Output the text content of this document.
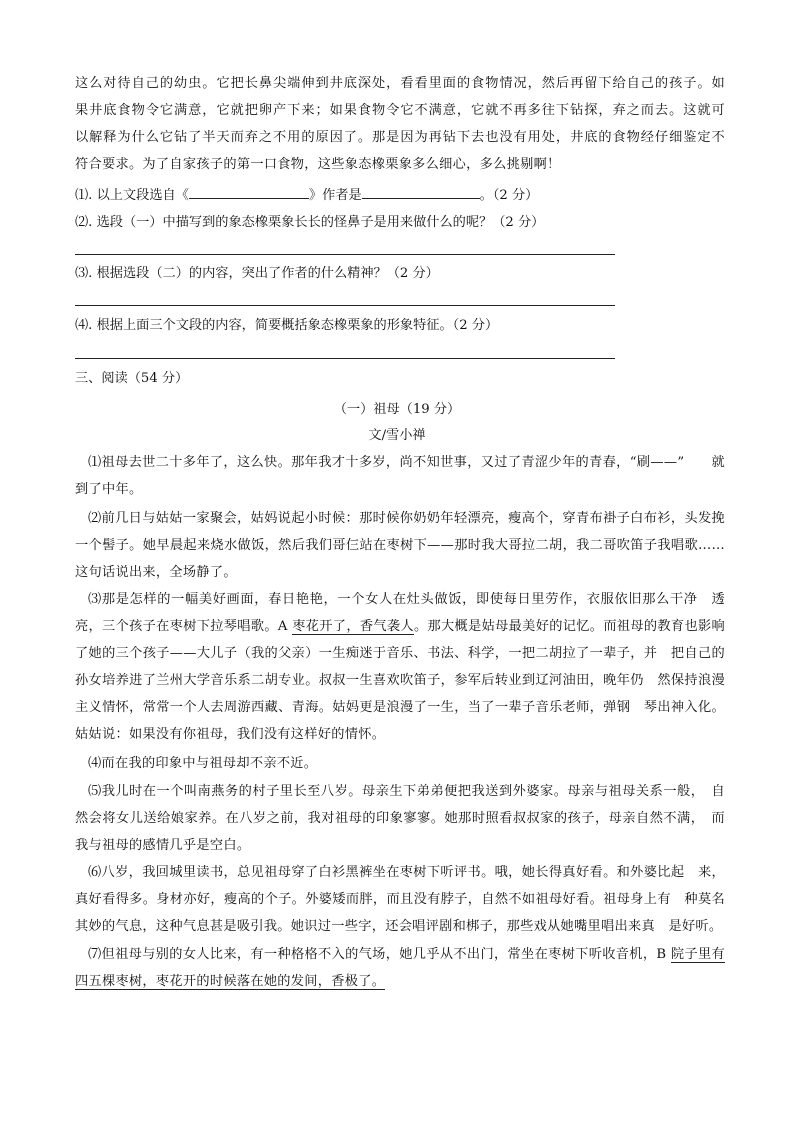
这么对待自己的幼虫。它把长鼻尖端伸到井底深处，看看里面的食物情况，然后再留下给自己的孩子。如　　果井底食物令它满意，它就把卵产下来；如果食物令它不满意，它就不再多往下钻探，弃之而去。这就可　　以解释为什么它钻了半天而弃之不用的原因了。那是因为再钻下去也没有用处，井底的食物经仔细鉴定不　　符合要求。为了自家孩子的第一口食物，这些象态橡栗象多么细心，多么挑剔啊！

⑴. 以上文段选自《	》作者是	。（2 分）
⑵. 选段（一）中描写到的象态橡栗象长长的怪鼻子是用来做什么的呢？（2 分）
⑶. 根据选段（二）的内容，突出了作者的什么精神？（2 分）
⑷. 根据上面三个文段的内容，简要概括象态橡栗象的形象特征。（2 分）
三、阅读（54 分）
（一）祖母（19 分）
文/雪小禅

⑴祖母去世二十多年了，这么快。那年我才十多岁，尚不知世事，又过了青涩少年的青春，“刷——”　　就到了中年。

⑵前几日与姑姑一家聚会，姑妈说起小时候：那时候你奶奶年轻漂亮，瘦高个，穿青布褂子白布衫，头发挽一个髻子。她早晨起来烧水做饭，然后我们哥仨站在枣树下——那时我大哥拉二胡，我二哥吹笛子我唱歌……这句话说出来，全场静了。

⑶那是怎样的一幅美好画面，春日艳艳，一个女人在灶头做饭，即使每日里劳作，衣服依旧那么干净　透亮，三个孩子在枣树下拉琴唱歌。A 枣花开了，香气袭人。那大概是姑母最美好的记忆。而祖母的教育也影响了她的三个孩子——大儿子（我的父亲）一生痴迷于音乐、书法、科学，一把二胡拉了一辈子，并　把自己的孙女培养进了兰州大学音乐系二胡专业。叔叔一生喜欢吹笛子，参军后转业到辽河油田，晚年仍　然保持浪漫主义情怀，常常一个人去周游西藏、青海。姑妈更是浪漫了一生，当了一辈子音乐老师，弹钢　琴出神入化。姑姑说：如果没有你祖母，我们没有这样好的情怀。

⑷而在我的印象中与祖母却不亲不近。

⑸我儿时在一个叫南燕务的村子里长至八岁。母亲生下弟弟便把我送到外婆家。母亲与祖母关系一般，　自然会将女儿送给娘家养。在八岁之前，我对祖母的印象寥寥。她那时照看叔叔家的孩子，母亲自然不满，　而我与祖母的感情几乎是空白。

⑹八岁，我回城里读书，总见祖母穿了白衫黑裤坐在枣树下听评书。哦，她长得真好看。和外婆比起　来，真好看得多。身材亦好，瘦高的个子。外婆矮而胖，而且没有脖子，自然不如祖母好看。祖母身上有　种莫名其妙的气息，这种气息甚是吸引我。她识过一些字，还会唱评剧和梆子，那些戏从她嘴里唱出来真　是好听。

⑺但祖母与别的女人比来，有一种格格不入的气场，她几乎从不出门，常坐在枣树下听收音机，B 院子里有四五棵枣树，枣花开的时候落在她的发间，香极了。
